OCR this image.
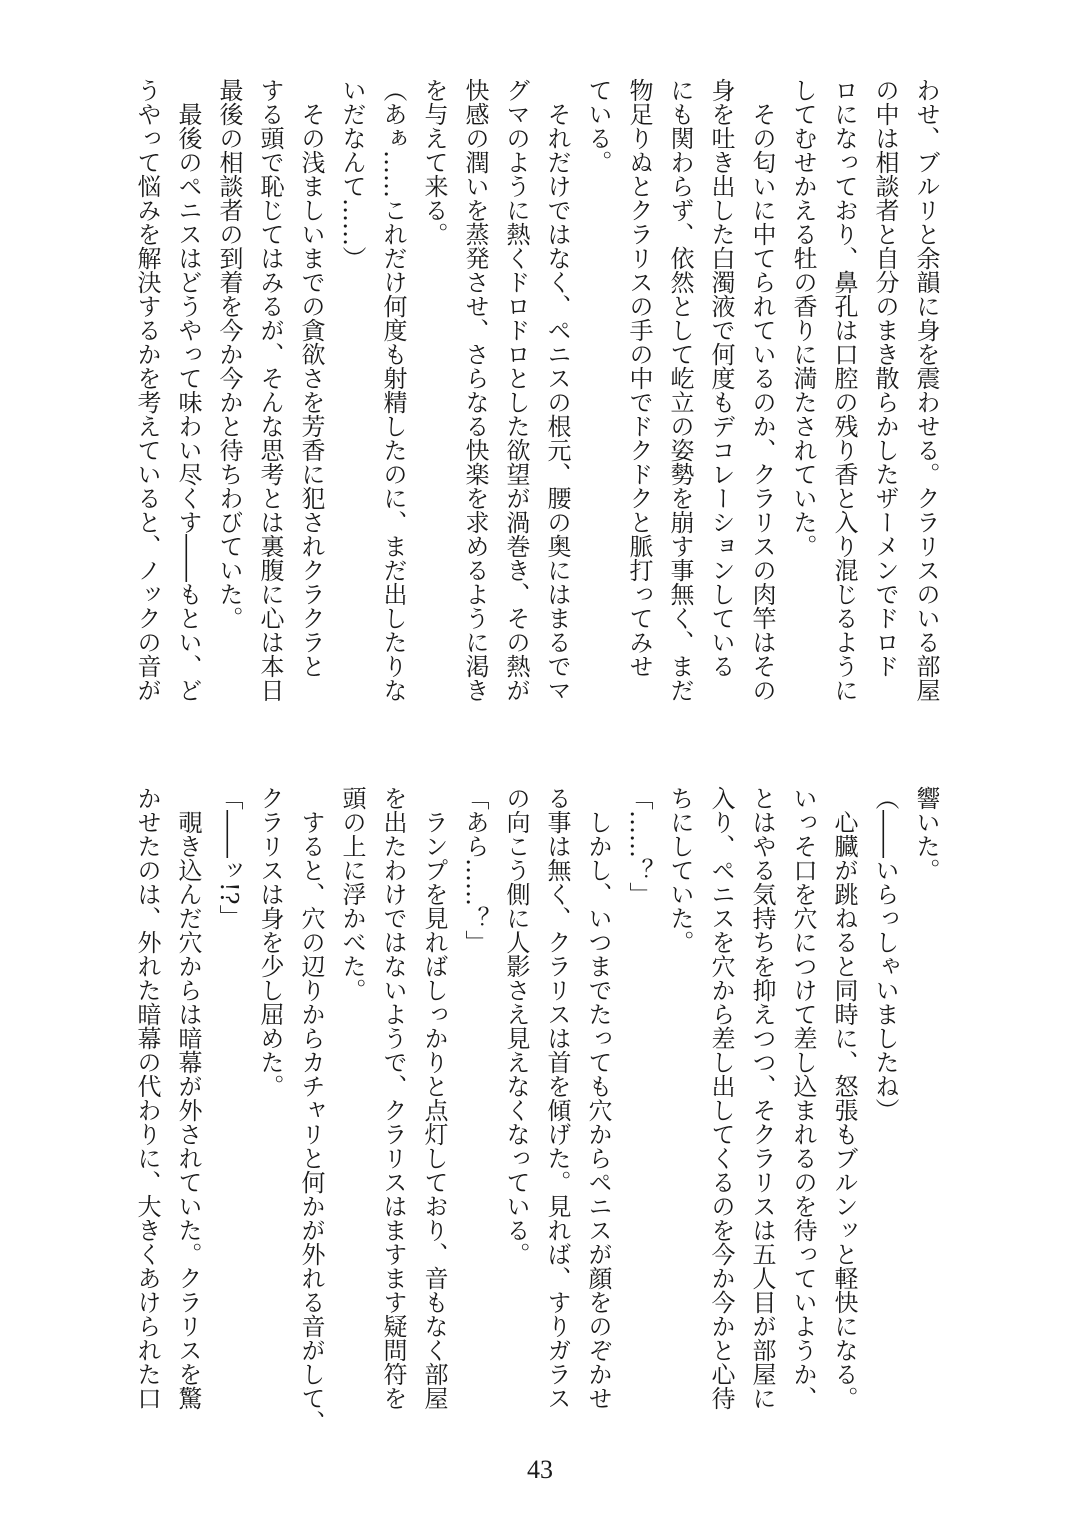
わせ、ブルリと余韻に身を震わせる。クラリスのいる部屋
の中は相談者と自分のまき散らかしたザーメンでドロド
ロになっており、鼻孔は口腔の残り香と入り混じるように
してむせかえる牡の香りに満たされていた。
　その匂いに中てられているのか、クラリスの肉竿はその
身を吐き出した白濁液で何度もデコレーションしている
にも関わらず、依然として屹立の姿勢を崩す事無く、まだ
物足りぬとクラリスの手の中でドクドクと脈打ってみせ
ている。
　それだけではなく、ペニスの根元、腰の奥にはまるでマ
グマのように熱くドロドロとした欲望が渦巻き、その熱が
快感の潤いを蒸発させ、さらなる快楽を求めるように渇き
を与えて来る。
（あぁ……これだけ何度も射精したのに、まだ出したりな
いだなんて……）
　その浅ましいまでの貪欲さを芳香に犯されクラクラと
する頭で恥じてはみるが、そんな思考とは裏腹に心は本日
最後の相談者の到着を今か今かと待ちわびていた。
　最後のペニスはどうやって味わい尽くす――もとい、ど
うやって悩みを解決するかを考えていると、ノックの音が
響いた。
（――いらっしゃいましたね）
　心臓が跳ねると同時に、怒張もブルンッと軽快になる。
いっそ口を穴につけて差し込まれるのを待っていようか、
とはやる気持ちを抑えつつ、そクラリスは五人目が部屋に
入り、ペニスを穴から差し出してくるのを今か今かと心待
ちにしていた。
「……？」
　しかし、いつまでたっても穴からペニスが顔をのぞかせ
る事は無く、クラリスは首を傾げた。見れば、すりガラス
の向こう側に人影さえ見えなくなっている。
「あら……？」
　ランプを見ればしっかりと点灯しており、音もなく部屋
を出たわけではないようで、クラリスはますます疑問符を
頭の上に浮かべた。
　すると、穴の辺りからカチャリと何かが外れる音がして、
クラリスは身を少し屈めた。
「――ッ!?」
　覗き込んだ穴からは暗幕が外されていた。クラリスを驚
かせたのは、外れた暗幕の代わりに、大きくあけられた口
43
